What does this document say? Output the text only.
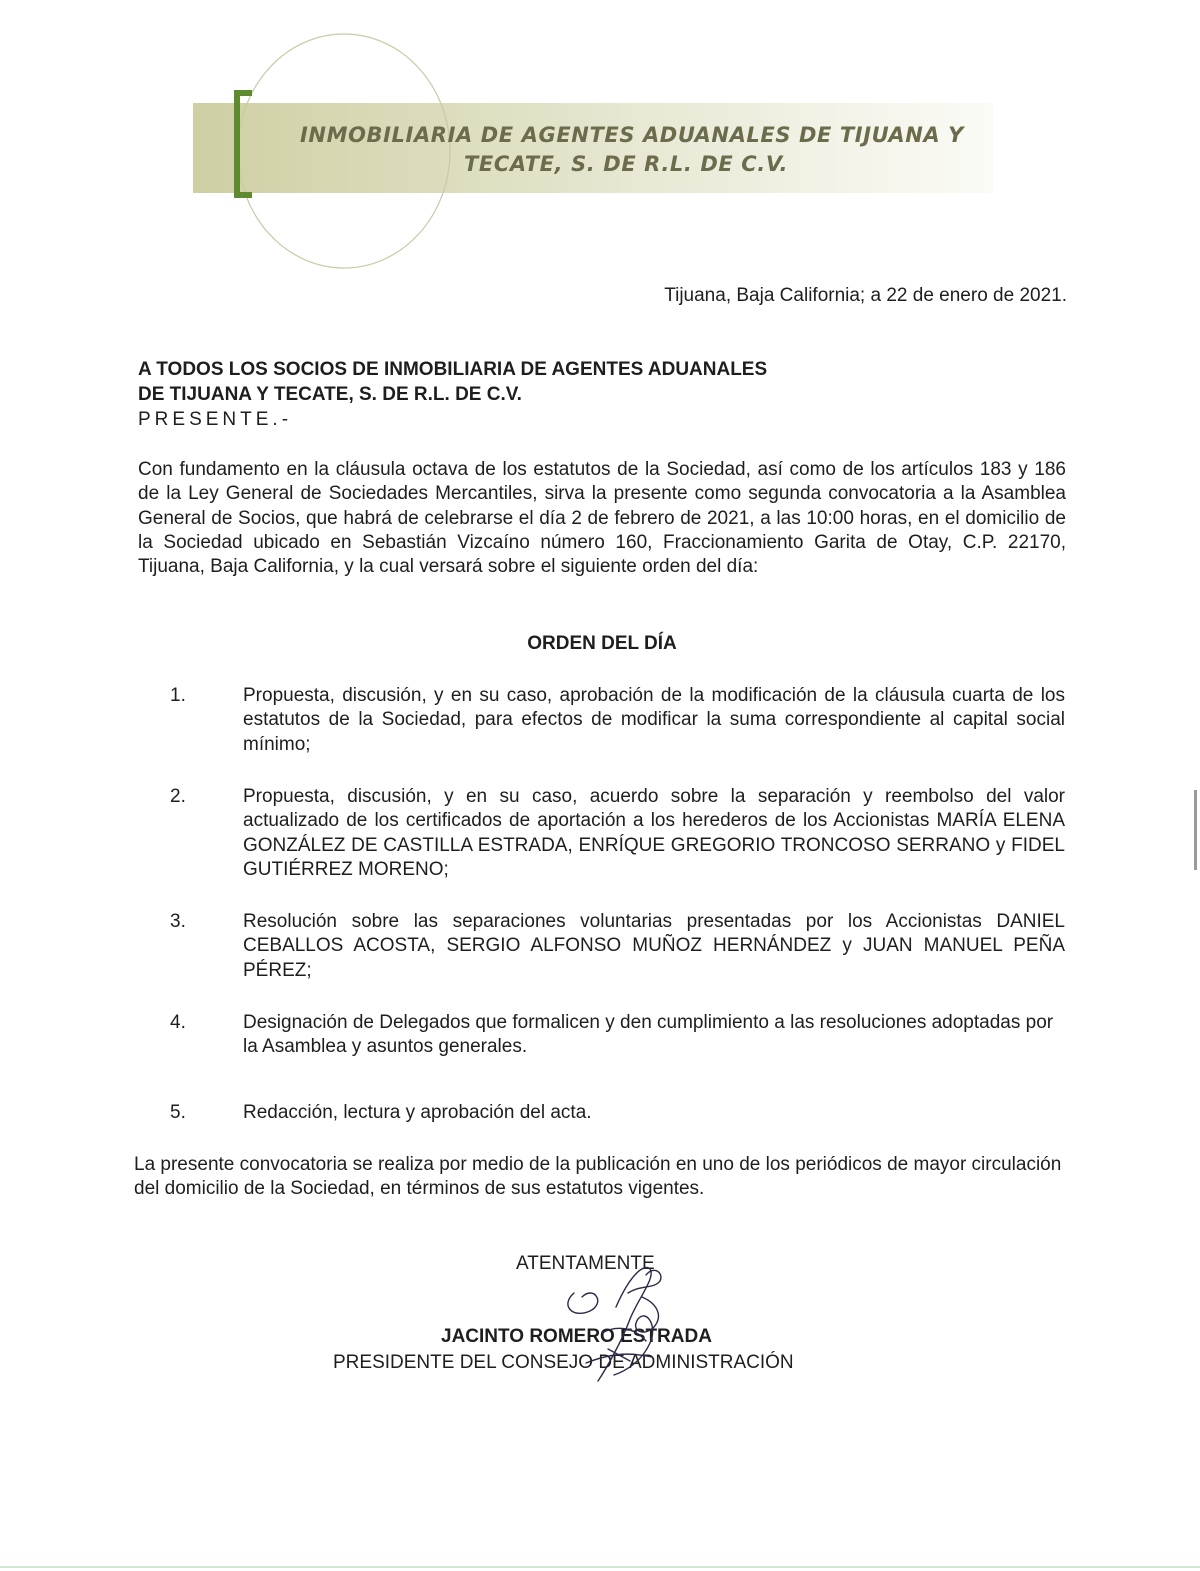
INMOBILIARIA DE AGENTES ADUANALES DE TIJUANA Y
TECATE, S. DE R.L. DE C.V.
Tijuana, Baja California; a 22 de enero de 2021.
A TODOS LOS SOCIOS DE INMOBILIARIA DE AGENTES ADUANALES
DE TIJUANA Y TECATE, S. DE R.L. DE C.V.
PRESENTE.-

Con fundamento en la cláusula octava de los estatutos de la Sociedad, así como de los artículos 183 y 186 de la Ley General de Sociedades Mercantiles, sirva la presente como segunda convocatoria a la Asamblea General de Socios, que habrá de celebrarse el día 2 de febrero de 2021, a las 10:00 horas, en el domicilio de la Sociedad ubicado en Sebastián Vizcaíno número 160, Fraccionamiento Garita de Otay, C.P. 22170, Tijuana, Baja California, y la cual versará sobre el siguiente orden del día:

ORDEN DEL DÍA
1.	Propuesta, discusión, y en su caso, aprobación de la modificación de la cláusula cuarta de los estatutos de la Sociedad, para efectos de modificar la suma correspondiente al capital social mínimo;
2.	Propuesta, discusión, y en su caso, acuerdo sobre la separación y reembolso del valor actualizado de los certificados de aportación a los herederos de los Accionistas MARÍA ELENA GONZÁLEZ DE CASTILLA ESTRADA, ENRÍQUE GREGORIO TRONCOSO SERRANO y FIDEL GUTIÉRREZ MORENO;
3.	Resolución sobre las separaciones voluntarias presentadas por los Accionistas DANIEL CEBALLOS ACOSTA, SERGIO ALFONSO MUÑOZ HERNÁNDEZ y JUAN MANUEL PEÑA PÉREZ;
4.	Designación de Delegados que formalicen y den cumplimiento a las resoluciones adoptadas por la Asamblea y asuntos generales.
5.	Redacción, lectura y aprobación del acta.

La presente convocatoria se realiza por medio de la publicación en uno de los periódicos de mayor circulación del domicilio de la Sociedad, en términos de sus estatutos vigentes.

ATENTAMENTE
JACINTO ROMERO ESTRADA
PRESIDENTE DEL CONSEJO DE ADMINISTRACIÓN
